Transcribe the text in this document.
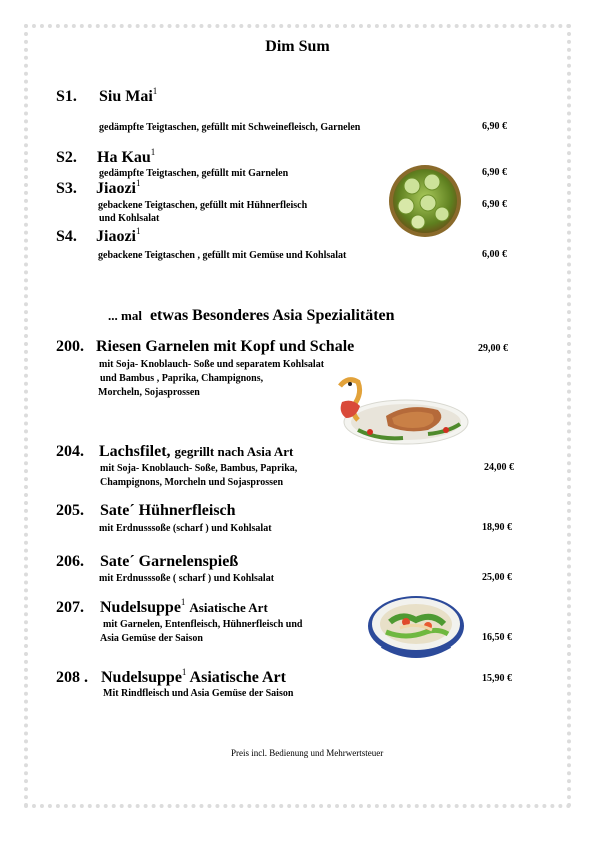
Dim Sum
S1. Siu Mai$^1$
gedämpfte Teigtaschen, gefüllt mit Schweinefleisch, Garnelen	6,90 €
S2. Ha Kau$^1$
gedämpfte Teigtaschen, gefüllt mit Garnelen	6,90 €
S3. Jiaozi$^1$
gebackene Teigtaschen, gefüllt mit Hühnerfleisch
und Kohlsalat
6,90 €
S4. Jiaozi$^1$
gebackene Teigtaschen , gefüllt mit Gemüse und Kohlsalat	6,00 €
... mal etwas Besonderes Asia Spezialitäten
200. Riesen Garnelen mit Kopf und Schale	29,00 €
mit Soja- Knoblauch- Soße und separatem Kohlsalat
und Bambus , Paprika, Champignons,
Morcheln, Sojasprossen
204. Lachsfilet, gegrillt nach Asia Art
mit Soja- Knoblauch- Soße, Bambus, Paprika,	24,00 €
Champignons, Morcheln und Sojasprossen
205. Sate´ Hühnerfleisch
mit Erdnusssoße (scharf ) und Kohlsalat	18,90 €
206. Sate´ Garnelenspieß
mit Erdnusssoße ( scharf ) und Kohlsalat	25,00 €
207. Nudelsuppe$^1$ Asiatische Art
mit Garnelen, Entenfleisch, Hühnerfleisch und
Asia Gemüse der Saison	16,50 €
208 . Nudelsuppe$^1$ Asiatische Art	15,90 €
Mit Rindfleisch und Asia Gemüse der Saison
Preis incl. Bedienung und Mehrwertsteuer
